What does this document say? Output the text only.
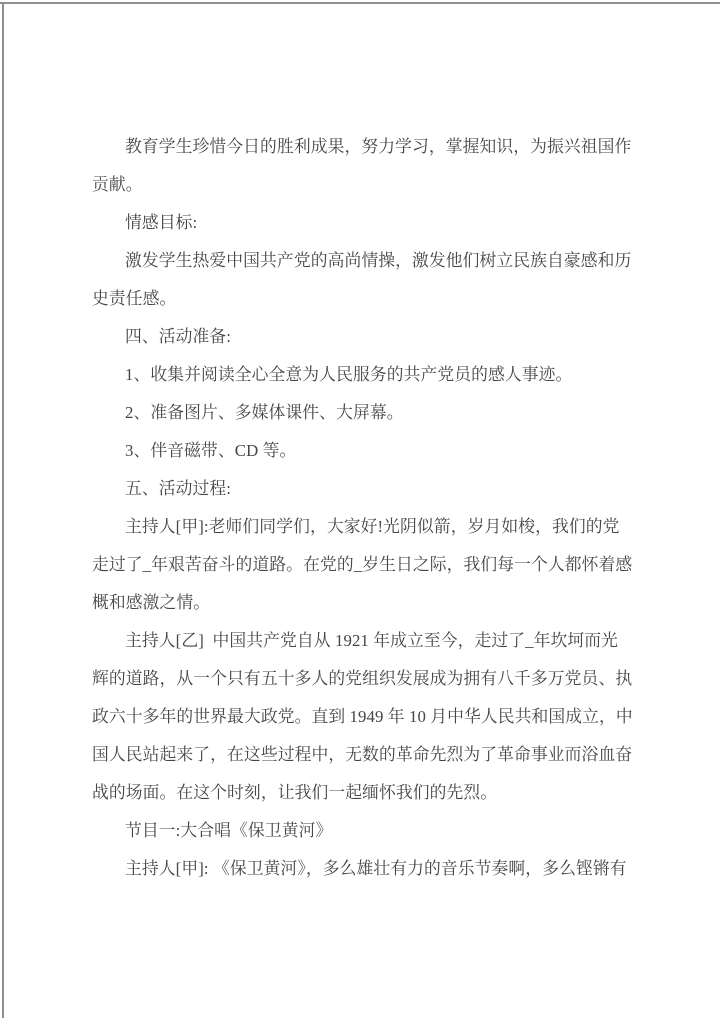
教育学生珍惜今日的胜利成果，努力学习，掌握知识，为振兴祖国作
贡献。
情感目标:
激发学生热爱中国共产党的高尚情操，激发他们树立民族自豪感和历
史责任感。
四、活动准备:
1、收集并阅读全心全意为人民服务的共产党员的感人事迹。
2、准备图片、多媒体课件、大屏幕。
3、伴音磁带、CD 等。
五、活动过程:
主持人[甲]:老师们同学们，大家好!光阴似箭，岁月如梭，我们的党
走过了_年艰苦奋斗的道路。在党的_岁生日之际，我们每一个人都怀着感
概和感激之情。
主持人[乙]  中国共产党自从 1921 年成立至今，走过了_年坎坷而光
辉的道路，从一个只有五十多人的党组织发展成为拥有八千多万党员、执
政六十多年的世界最大政党。直到 1949 年 10 月中华人民共和国成立，中
国人民站起来了，在这些过程中，无数的革命先烈为了革命事业而浴血奋
战的场面。在这个时刻，让我们一起缅怀我们的先烈。
节目一:大合唱《保卫黄河》
主持人[甲]: 《保卫黄河》，多么雄壮有力的音乐节奏啊，多么铿锵有
